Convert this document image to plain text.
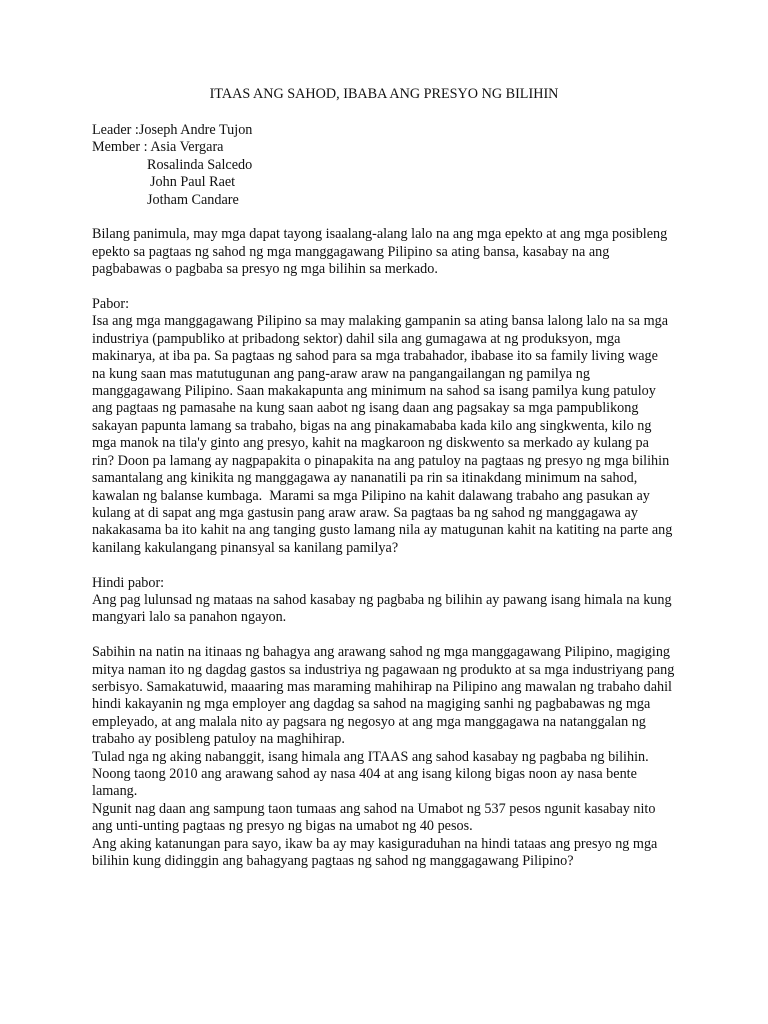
ITAAS ANG SAHOD, IBABA ANG PRESYO NG BILIHIN
Leader :Joseph Andre Tujon
Member : Asia Vergara
Rosalinda Salcedo
John Paul Raet
Jotham Candare
Bilang panimula, may mga dapat tayong isaalang-alang lalo na ang mga epekto at ang mga posibleng
epekto sa pagtaas ng sahod ng mga manggagawang Pilipino sa ating bansa, kasabay na ang
pagbabawas o pagbaba sa presyo ng mga bilihin sa merkado.
Pabor:
Isa ang mga manggagawang Pilipino sa may malaking gampanin sa ating bansa lalong lalo na sa mga
industriya (pampubliko at pribadong sektor) dahil sila ang gumagawa at ng produksyon, mga
makinarya, at iba pa. Sa pagtaas ng sahod para sa mga trabahador, ibabase ito sa family living wage
na kung saan mas matutugunan ang pang-araw araw na pangangailangan ng pamilya ng
manggagawang Pilipino. Saan makakapunta ang minimum na sahod sa isang pamilya kung patuloy
ang pagtaas ng pamasahe na kung saan aabot ng isang daan ang pagsakay sa mga pampublikong
sakayan papunta lamang sa trabaho, bigas na ang pinakamababa kada kilo ang singkwenta, kilo ng
mga manok na tila'y ginto ang presyo, kahit na magkaroon ng diskwento sa merkado ay kulang pa
rin? Doon pa lamang ay nagpapakita o pinapakita na ang patuloy na pagtaas ng presyo ng mga bilihin
samantalang ang kinikita ng manggagawa ay nananatili pa rin sa itinakdang minimum na sahod,
kawalan ng balanse kumbaga.  Marami sa mga Pilipino na kahit dalawang trabaho ang pasukan ay
kulang at di sapat ang mga gastusin pang araw araw. Sa pagtaas ba ng sahod ng manggagawa ay
nakakasama ba ito kahit na ang tanging gusto lamang nila ay matugunan kahit na katiting na parte ang
kanilang kakulangang pinansyal sa kanilang pamilya?
Hindi pabor:
Ang pag lulunsad ng mataas na sahod kasabay ng pagbaba ng bilihin ay pawang isang himala na kung
mangyari lalo sa panahon ngayon.
Sabihin na natin na itinaas ng bahagya ang arawang sahod ng mga manggagawang Pilipino, magiging
mitya naman ito ng dagdag gastos sa industriya ng pagawaan ng produkto at sa mga industriyang pang
serbisyo. Samakatuwid, maaaring mas maraming mahihirap na Pilipino ang mawalan ng trabaho dahil
hindi kakayanin ng mga employer ang dagdag sa sahod na magiging sanhi ng pagbabawas ng mga
empleyado, at ang malala nito ay pagsara ng negosyo at ang mga manggagawa na natanggalan ng
trabaho ay posibleng patuloy na maghihirap.
Tulad nga ng aking nabanggit, isang himala ang ITAAS ang sahod kasabay ng pagbaba ng bilihin.
Noong taong 2010 ang arawang sahod ay nasa 404 at ang isang kilong bigas noon ay nasa bente
lamang.
Ngunit nag daan ang sampung taon tumaas ang sahod na Umabot ng 537 pesos ngunit kasabay nito
ang unti-unting pagtaas ng presyo ng bigas na umabot ng 40 pesos.
Ang aking katanungan para sayo, ikaw ba ay may kasiguraduhan na hindi tataas ang presyo ng mga
bilihin kung didinggin ang bahagyang pagtaas ng sahod ng manggagawang Pilipino?
